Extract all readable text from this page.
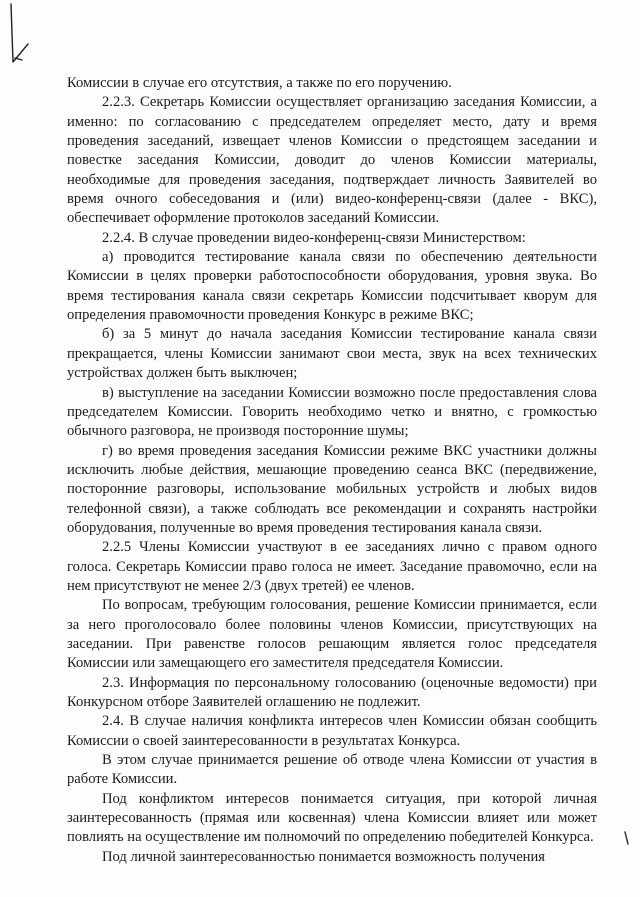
Комиссии в случае его отсутствия, а также по его поручению.

2.2.3. Секретарь Комиссии осуществляет организацию заседания Комиссии, а именно: по согласованию с председателем определяет место, дату и время проведения заседаний, извещает членов Комиссии о предстоящем заседании и повестке заседания Комиссии, доводит до членов Комиссии материалы, необходимые для проведения заседания, подтверждает личность Заявителей во время очного собеседования и (или) видео-конференц-связи (далее - ВКС), обеспечивает оформление протоколов заседаний Комиссии.

2.2.4. В случае проведении видео-конференц-связи Министерством:

а) проводится тестирование канала связи по обеспечению деятельности Комиссии в целях проверки работоспособности оборудования, уровня звука. Во время тестирования канала связи секретарь Комиссии подсчитывает кворум для определения правомочности проведения Конкурс в режиме ВКС;

б) за 5 минут до начала заседания Комиссии тестирование канала связи прекращается, члены Комиссии занимают свои места, звук на всех технических устройствах должен быть выключен;

в) выступление на заседании Комиссии возможно после предоставления слова председателем Комиссии. Говорить необходимо четко и внятно, с громкостью обычного разговора, не производя посторонние шумы;

г) во время проведения заседания Комиссии режиме ВКС участники должны исключить любые действия, мешающие проведению сеанса ВКС (передвижение, посторонние разговоры, использование мобильных устройств и любых видов телефонной связи), а также соблюдать все рекомендации и сохранять настройки оборудования, полученные во время проведения тестирования канала связи.

2.2.5 Члены Комиссии участвуют в ее заседаниях лично с правом одного голоса. Секретарь Комиссии право голоса не имеет. Заседание правомочно, если на нем присутствуют не менее 2/3 (двух третей) ее членов.

По вопросам, требующим голосования, решение Комиссии принимается, если за него проголосовало более половины членов Комиссии, присутствующих на заседании. При равенстве голосов решающим является голос председателя Комиссии или замещающего его заместителя председателя Комиссии.

2.3. Информация по персональному голосованию (оценочные ведомости) при Конкурсном отборе Заявителей оглашению не подлежит.

2.4. В случае наличия конфликта интересов член Комиссии обязан сообщить Комиссии о своей заинтересованности в результатах Конкурса.

В этом случае принимается решение об отводе члена Комиссии от участия в работе Комиссии.

Под конфликтом интересов понимается ситуация, при которой личная заинтересованность (прямая или косвенная) члена Комиссии влияет или может повлиять на осуществление им полномочий по определению победителей Конкурса.

Под личной заинтересованностью понимается возможность получения
